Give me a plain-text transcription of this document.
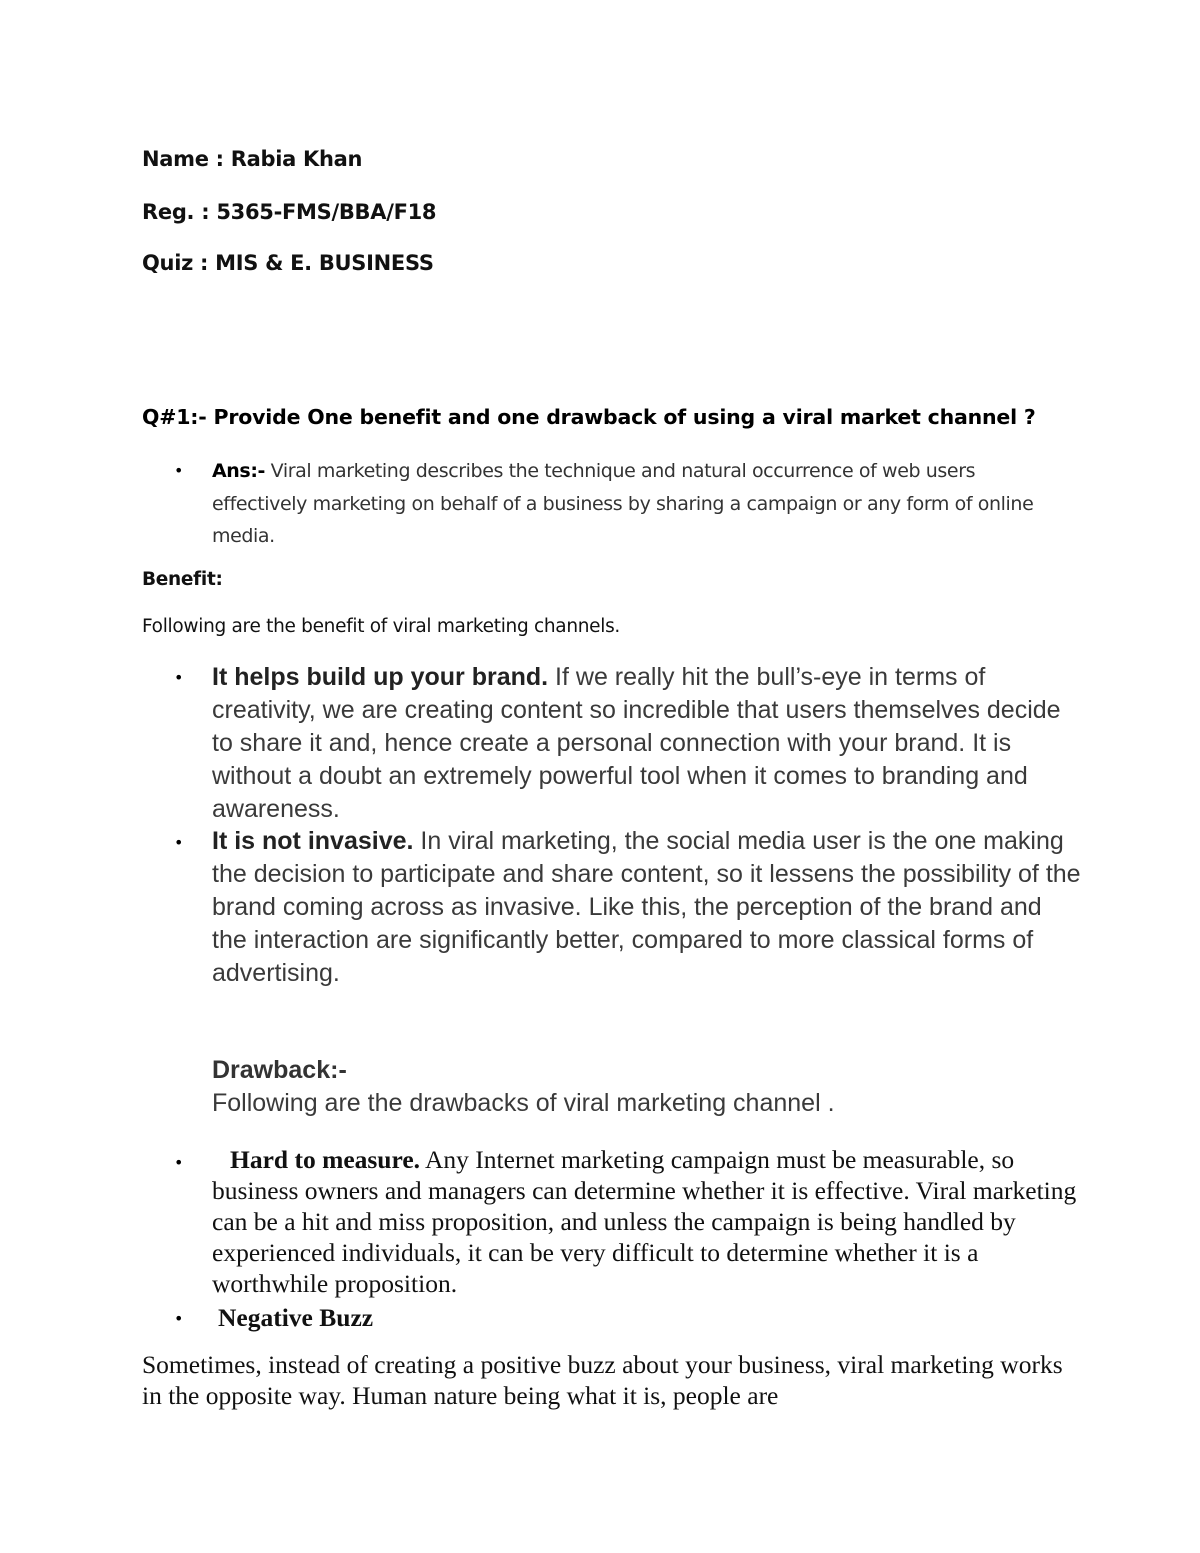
Name : Rabia Khan
Reg. : 5365-FMS/BBA/F18
Quiz : MIS & E. BUSINESS
Q#1:- Provide One benefit and one drawback of using a viral market channel ?
• Ans:- Viral marketing describes the technique and natural occurrence of web users effectively marketing on behalf of a business by sharing a campaign or any form of online media.
Benefit:
Following are the benefit of viral marketing channels.
• It helps build up your brand. If we really hit the bull’s-eye in terms of creativity, we are creating content so incredible that users themselves decide to share it and, hence create a personal connection with your brand. It is without a doubt an extremely powerful tool when it comes to branding and awareness.
• It is not invasive. In viral marketing, the social media user is the one making the decision to participate and share content, so it lessens the possibility of the brand coming across as invasive. Like this, the perception of the brand and the interaction are significantly better, compared to more classical forms of advertising.
Drawback:-
Following are the drawbacks of viral marketing channel .
•	Hard to measure. Any Internet marketing campaign must be measurable, so business owners and managers can determine whether it is effective. Viral marketing can be a hit and miss proposition, and unless the campaign is being handled by experienced individuals, it can be very difficult to determine whether it is a worthwhile proposition.
• Negative Buzz
Sometimes, instead of creating a positive buzz about your business, viral marketing works in the opposite way. Human nature being what it is, people are
